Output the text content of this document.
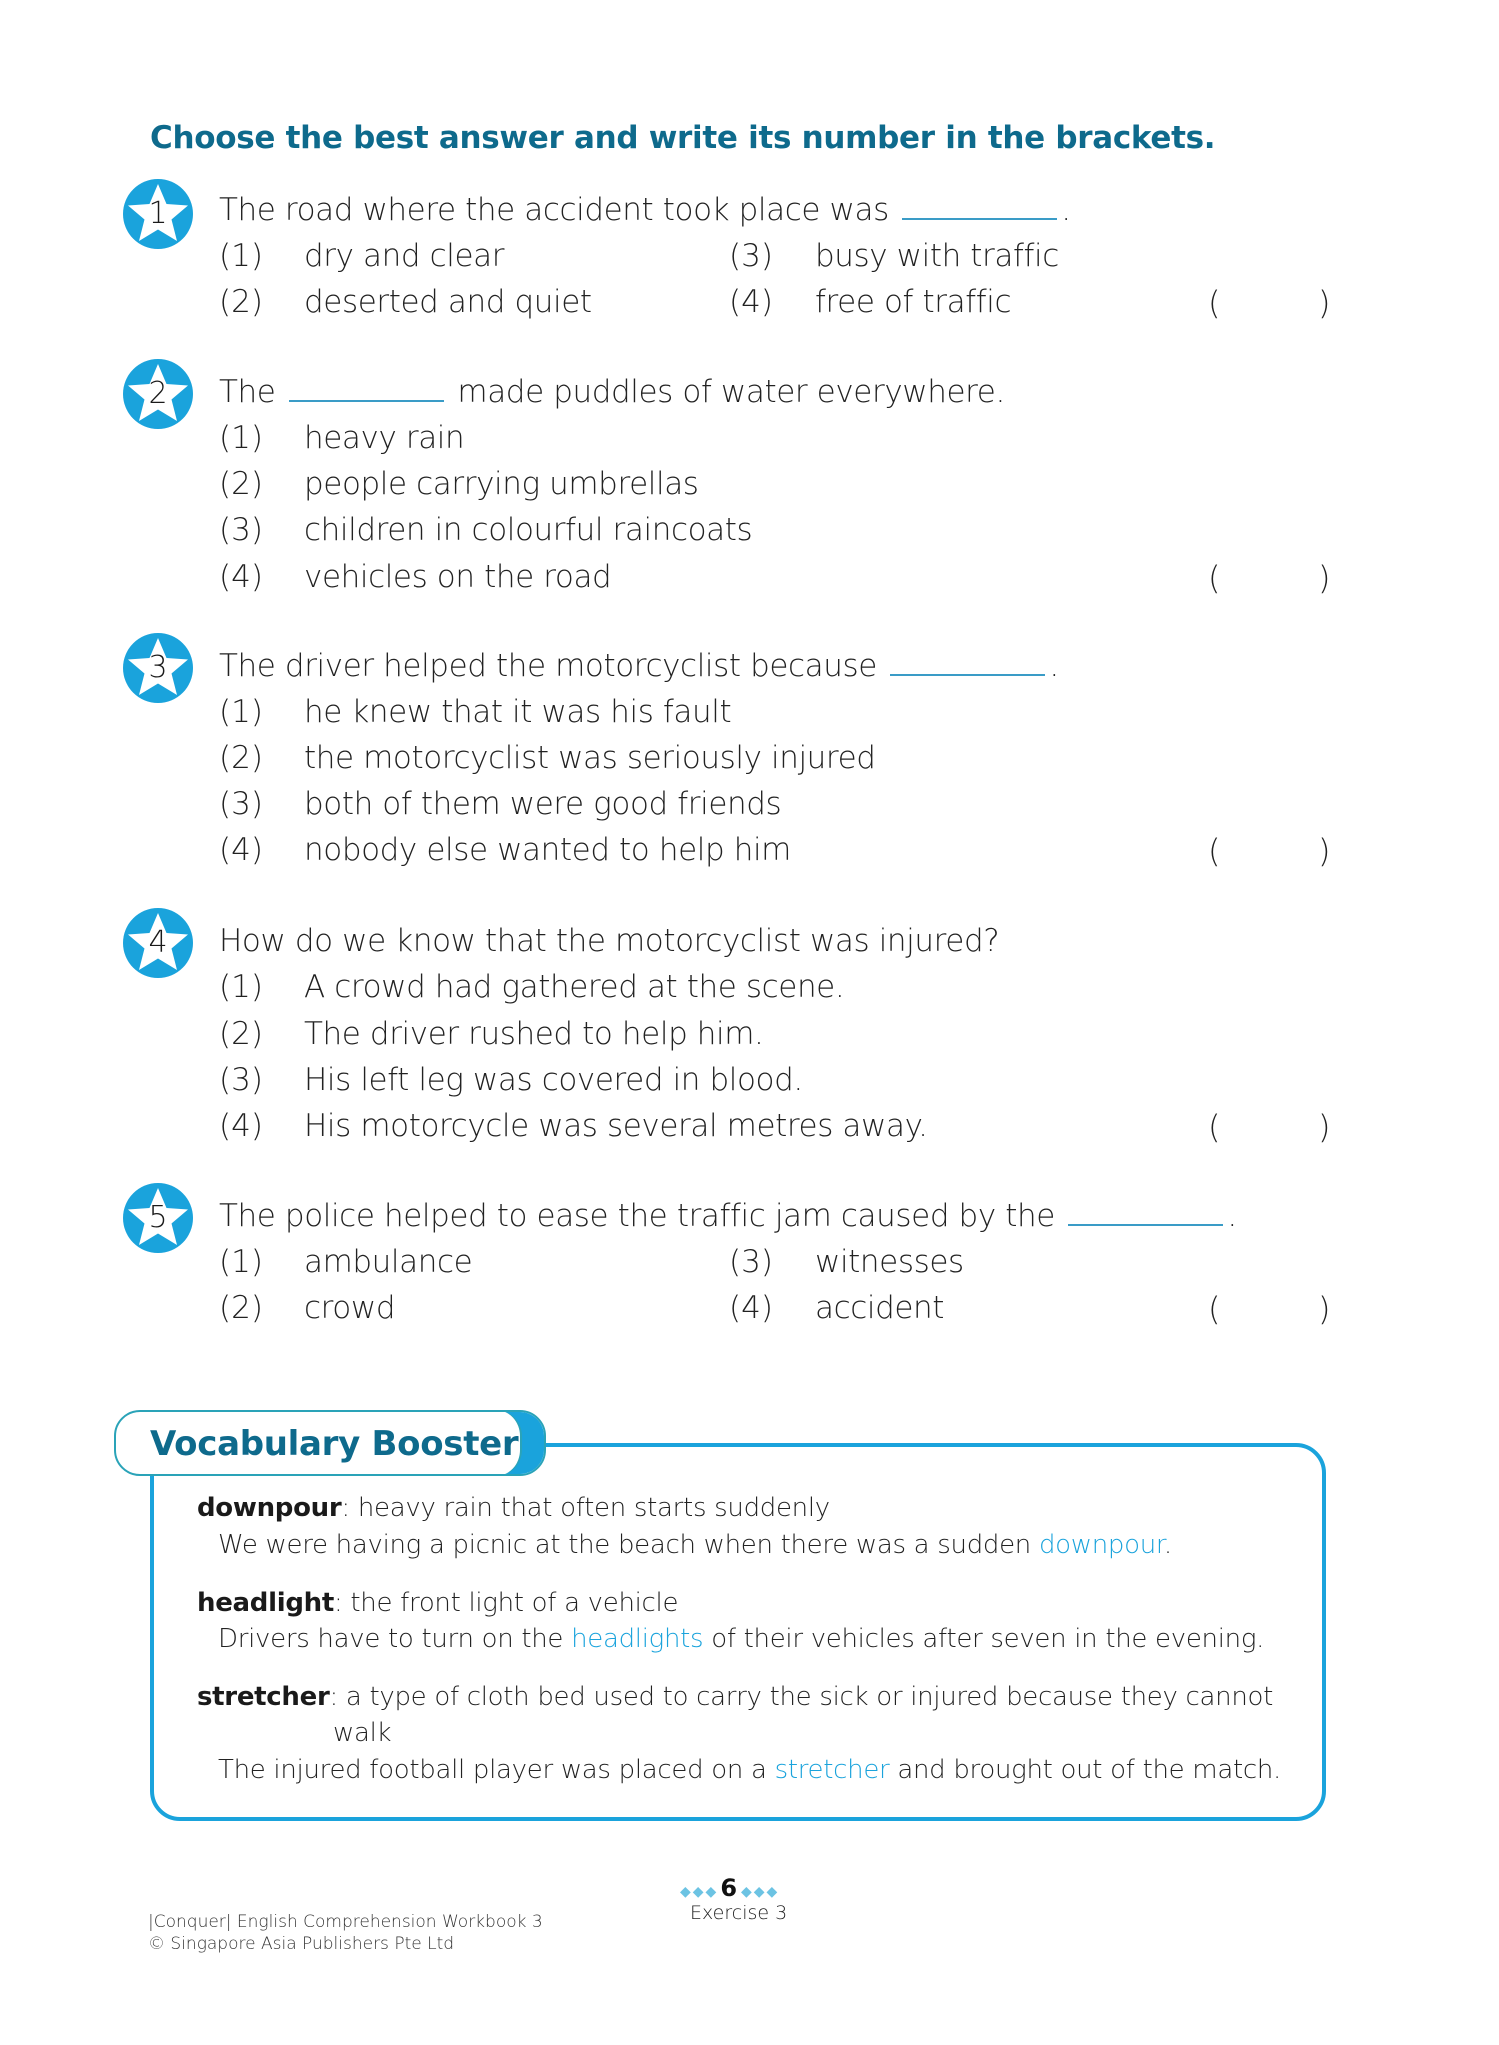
Choose the best answer and write its number in the brackets.
1	The road where the accident took place was	.
(1) dry and clear
(2) deserted and quiet
(3) busy with traffic
(4) free of traffic	(	)
2	The	made puddles of water everywhere.
(1) heavy rain
(2) people carrying umbrellas
(3) children in colourful raincoats
(4) vehicles on the road	(	)
3	The driver helped the motorcyclist because	.
(1) he knew that it was his fault
(2) the motorcyclist was seriously injured
(3) both of them were good friends
(4) nobody else wanted to help him	(	)
4	How do we know that the motorcyclist was injured?
(1) A crowd had gathered at the scene.
(2) The driver rushed to help him.
(3) His left leg was covered in blood.
(4) His motorcycle was several metres away.	(	)
5	The police helped to ease the traffic jam caused by the	.
(1) ambulance
(2) crowd
(3) witnesses
(4) accident	(	)
Vocabulary Booster
downpour: heavy rain that often starts suddenly
We were having a picnic at the beach when there was a sudden downpour.
headlight: the front light of a vehicle
Drivers have to turn on the headlights of their vehicles after seven in the evening.
stretcher: a type of cloth bed used to carry the sick or injured because they cannot
walk
The injured football player was placed on a stretcher and brought out of the match.
◆◆◆6 ◆◆◆
Exercise 3
|Conquer| English Comprehension Workbook 3
© Singapore Asia Publishers Pte Ltd
